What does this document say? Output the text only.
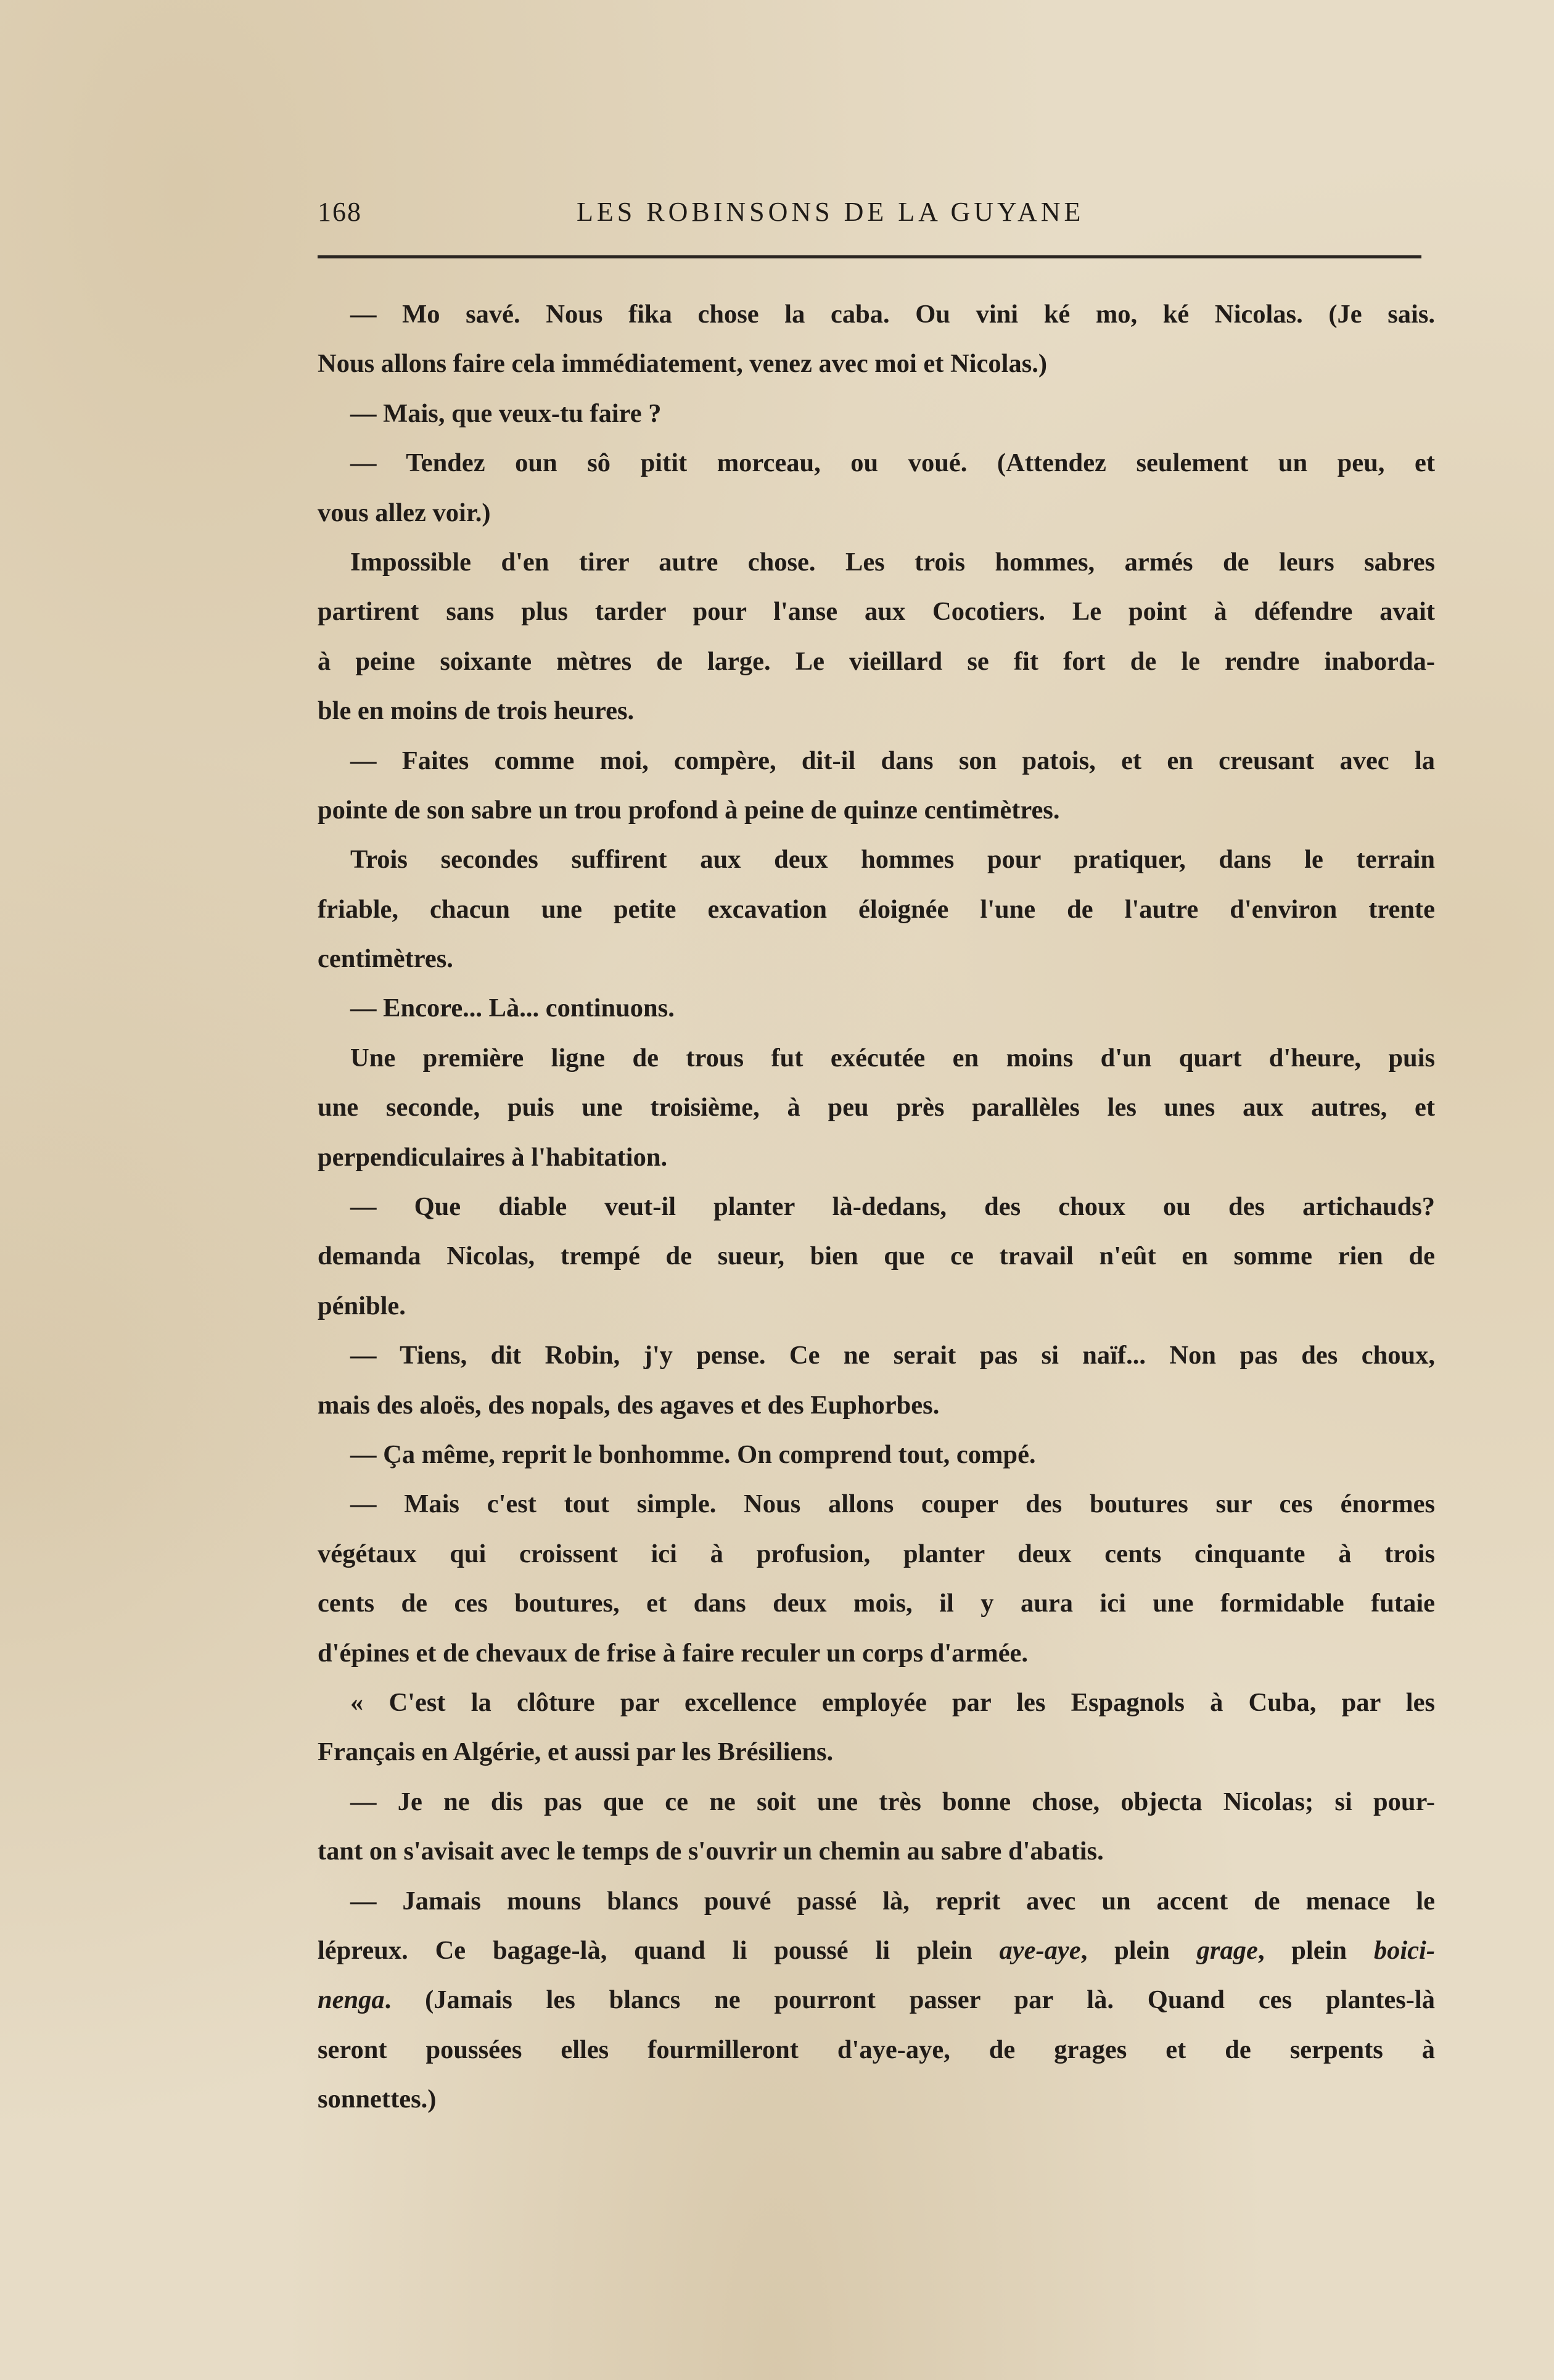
168	LES ROBINSONS DE LA GUYANE
— Mo savé. Nous fika chose la caba. Ou vini ké mo, ké Nicolas. (Je sais.
Nous allons faire cela immédiatement, venez avec moi et Nicolas.)
— Mais, que veux-tu faire ?
— Tendez oun sô pitit morceau, ou voué. (Attendez seulement un peu, et
vous allez voir.)
Impossible d'en tirer autre chose. Les trois hommes, armés de leurs sabres
partirent sans plus tarder pour l'anse aux Cocotiers. Le point à défendre avait
à peine soixante mètres de large. Le vieillard se fit fort de le rendre inaborda-
ble en moins de trois heures.
— Faites comme moi, compère, dit-il dans son patois, et en creusant avec la
pointe de son sabre un trou profond à peine de quinze centimètres.
Trois secondes suffirent aux deux hommes pour pratiquer, dans le terrain
friable, chacun une petite excavation éloignée l'une de l'autre d'environ trente
centimètres.
— Encore... Là... continuons.
Une première ligne de trous fut exécutée en moins d'un quart d'heure, puis
une seconde, puis une troisième, à peu près parallèles les unes aux autres, et
perpendiculaires à l'habitation.
— Que diable veut-il planter là-dedans, des choux ou des artichauds?
demanda Nicolas, trempé de sueur, bien que ce travail n'eût en somme rien de
pénible.
— Tiens, dit Robin, j'y pense. Ce ne serait pas si naïf... Non pas des choux,
mais des aloës, des nopals, des agaves et des Euphorbes.
— Ça même, reprit le bonhomme. On comprend tout, compé.
— Mais c'est tout simple. Nous allons couper des boutures sur ces énormes
végétaux qui croissent ici à profusion, planter deux cents cinquante à trois
cents de ces boutures, et dans deux mois, il y aura ici une formidable futaie
d'épines et de chevaux de frise à faire reculer un corps d'armée.
« C'est la clôture par excellence employée par les Espagnols à Cuba, par les
Français en Algérie, et aussi par les Brésiliens.
— Je ne dis pas que ce ne soit une très bonne chose, objecta Nicolas; si pour-
tant on s'avisait avec le temps de s'ouvrir un chemin au sabre d'abatis.
— Jamais mouns blancs pouvé passé là, reprit avec un accent de menace le
lépreux. Ce bagage-là, quand li poussé li plein aye-aye, plein grage, plein boici-
nenga. (Jamais les blancs ne pourront passer par là. Quand ces plantes-là
seront poussées elles fourmilleront d'aye-aye, de grages et de serpents à
sonnettes.)
